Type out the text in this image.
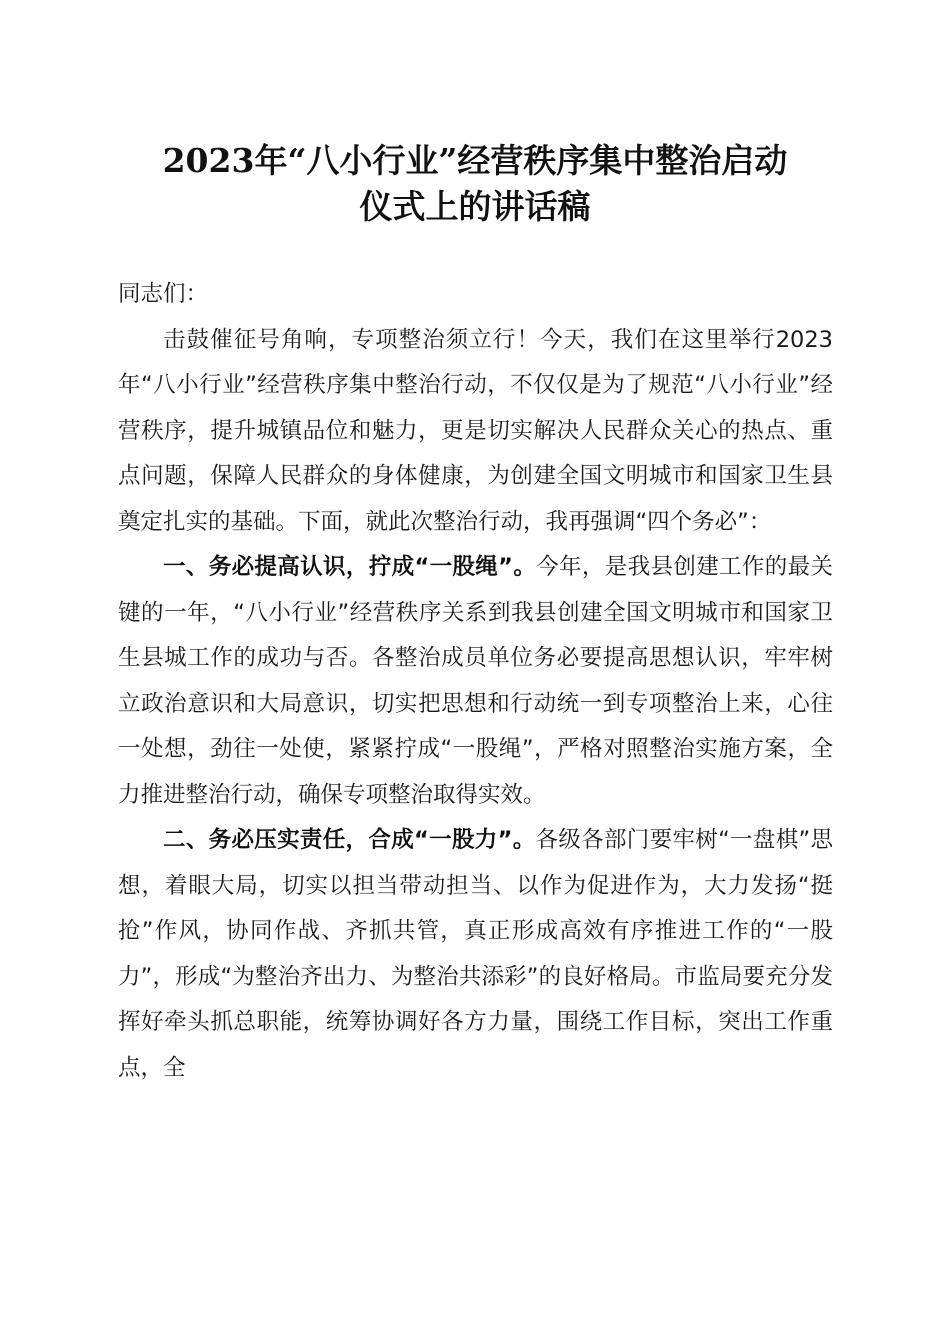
2023年“八小行业”经营秩序集中整治启动
仪式上的讲话稿

同志们：

击鼓催征号角响，专项整治须立行！今天，我们在这里举行2023年“八小行业”经营秩序集中整治行动，不仅仅是为了规范“八小行业”经营秩序，提升城镇品位和魅力，更是切实解决人民群众关心的热点、重点问题，保障人民群众的身体健康，为创建全国文明城市和国家卫生县奠定扎实的基础。下面，就此次整治行动，我再强调“四个务必”：

一、务必提高认识，拧成“一股绳”。今年，是我县创建工作的最关键的一年，“八小行业”经营秩序关系到我县创建全国文明城市和国家卫生县城工作的成功与否。各整治成员单位务必要提高思想认识，牢牢树立政治意识和大局意识，切实把思想和行动统一到专项整治上来，心往一处想，劲往一处使，紧紧拧成“一股绳”，严格对照整治实施方案，全力推进整治行动，确保专项整治取得实效。

二、务必压实责任，合成“一股力”。各级各部门要牢树“一盘棋”思想，着眼大局，切实以担当带动担当、以作为促进作为，大力发扬“挺抢”作风，协同作战、齐抓共管，真正形成高效有序推进工作的“一股力”，形成“为整治齐出力、为整治共添彩”的良好格局。市监局要充分发挥好牵头抓总职能，统筹协调好各方力量，围绕工作目标，突出工作重点，全
